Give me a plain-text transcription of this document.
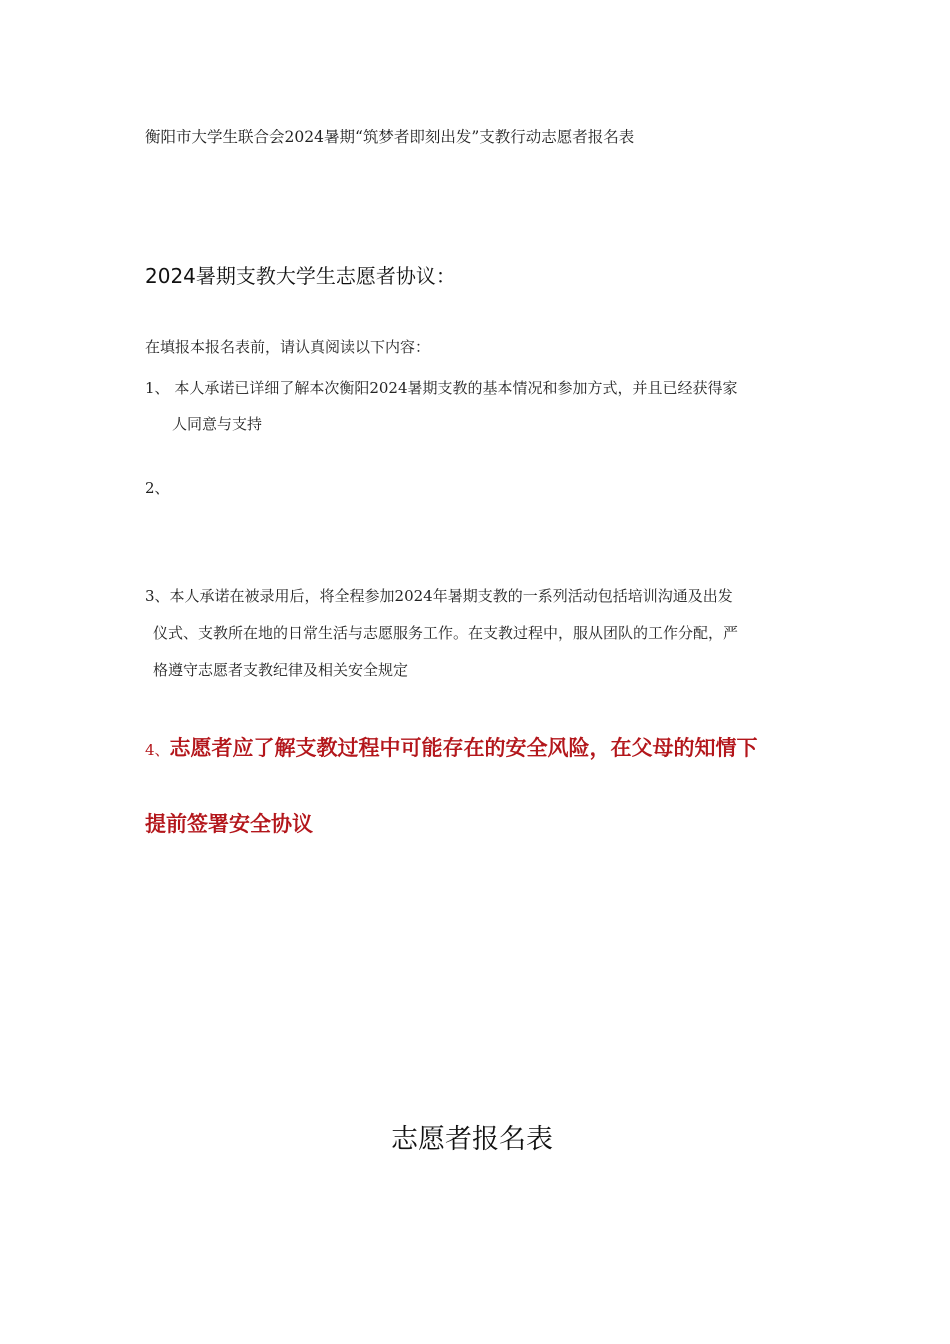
衡阳市大学生联合会2024暑期“筑梦者即刻出发”支教行动志愿者报名表
2024暑期支教大学生志愿者协议：
在填报本报名表前，请认真阅读以下内容：
1、 本人承诺已详细了解本次衡阳2024暑期支教的基本情况和参加方式，并且已经获得家
人同意与支持
2、
3、本人承诺在被录用后，将全程参加2024年暑期支教的一系列活动包括培训沟通及出发
仪式、支教所在地的日常生活与志愿服务工作。在支教过程中，服从团队的工作分配，严
格遵守志愿者支教纪律及相关安全规定
4、志愿者应了解支教过程中可能存在的安全风险，在父母的知情下
提前签署安全协议
志愿者报名表
